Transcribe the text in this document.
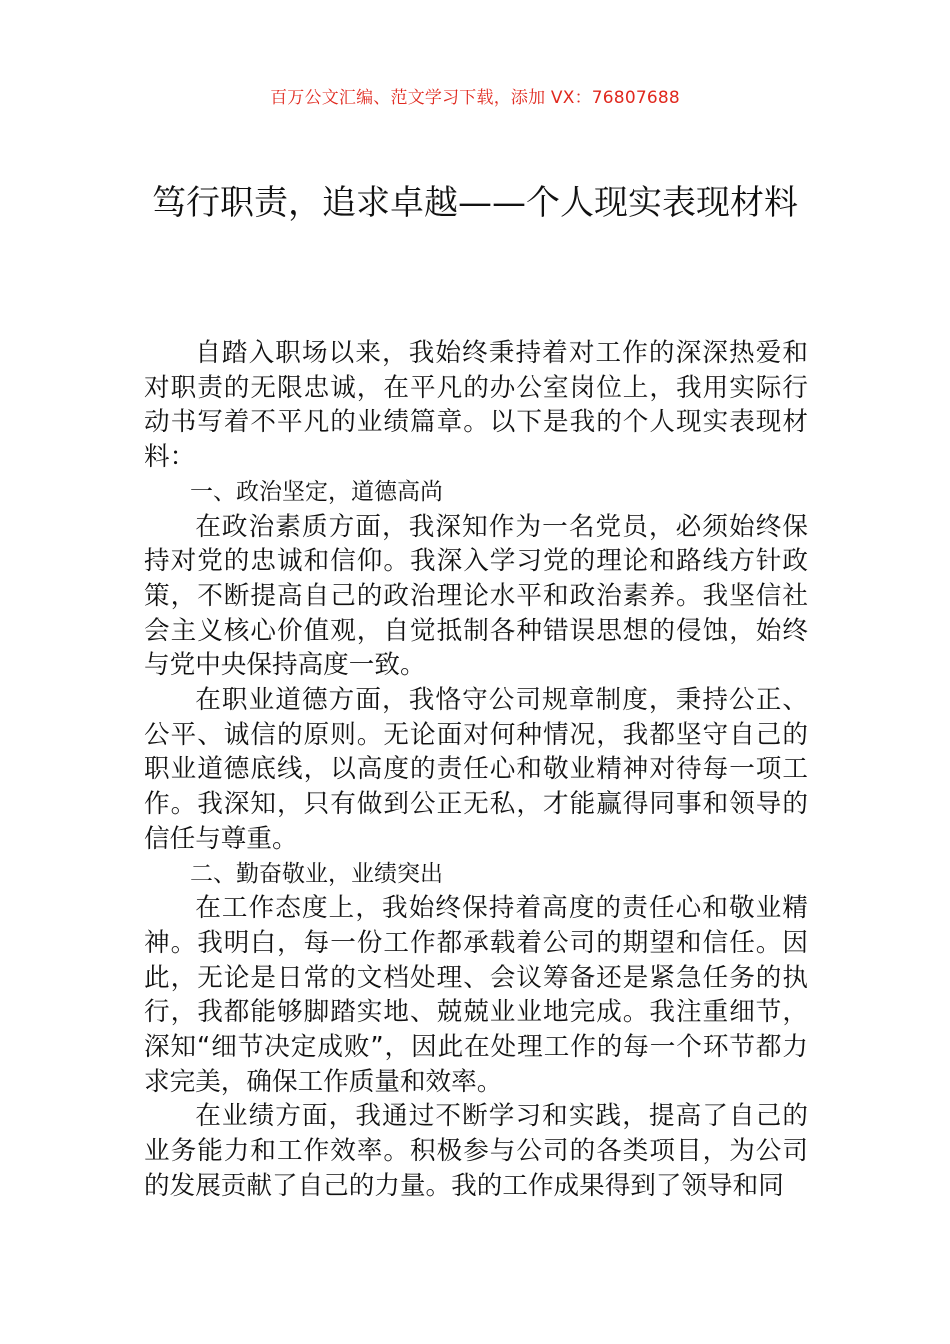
百万公文汇编、范文学习下载，添加 VX：76807688
笃行职责，追求卓越——个人现实表现材料

自踏入职场以来，我始终秉持着对工作的深深热爱和对职责的无限忠诚，在平凡的办公室岗位上，我用实际行动书写着不平凡的业绩篇章。以下是我的个人现实表现材料：

一、政治坚定，道德高尚

在政治素质方面，我深知作为一名党员，必须始终保持对党的忠诚和信仰。我深入学习党的理论和路线方针政策，不断提高自己的政治理论水平和政治素养。我坚信社会主义核心价值观，自觉抵制各种错误思想的侵蚀，始终与党中央保持高度一致。

在职业道德方面，我恪守公司规章制度，秉持公正、公平、诚信的原则。无论面对何种情况，我都坚守自己的职业道德底线，以高度的责任心和敬业精神对待每一项工作。我深知，只有做到公正无私，才能赢得同事和领导的信任与尊重。

二、勤奋敬业，业绩突出

在工作态度上，我始终保持着高度的责任心和敬业精神。我明白，每一份工作都承载着公司的期望和信任。因此，无论是日常的文档处理、会议筹备还是紧急任务的执行，我都能够脚踏实地、兢兢业业地完成。我注重细节，深知“细节决定成败”，因此在处理工作的每一个环节都力求完美，确保工作质量和效率。

在业绩方面，我通过不断学习和实践，提高了自己的业务能力和工作效率。积极参与公司的各类项目，为公司的发展贡献了自己的力量。我的工作成果得到了领导和同
